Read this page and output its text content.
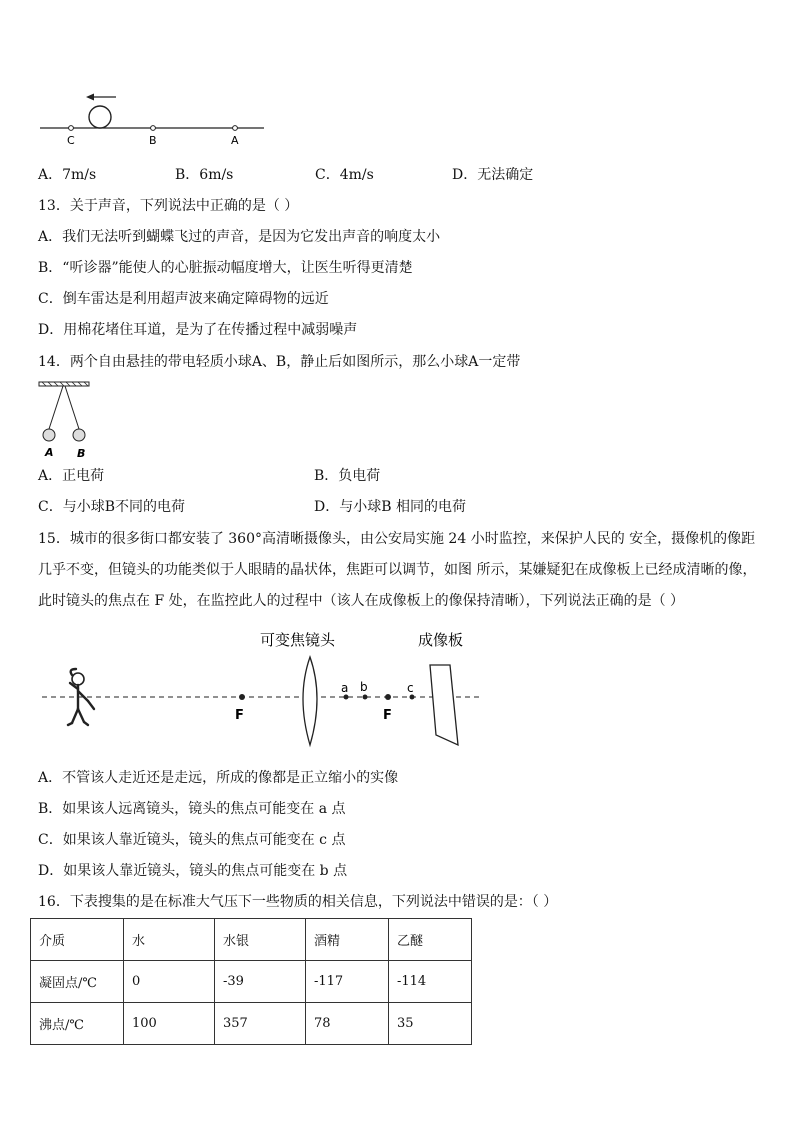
C	B	A
A．7m/s	B．6m/s	C．4m/s	D．无法确定
13．关于声音，下列说法中正确的是（ ）
A．我们无法听到蝴蝶飞过的声音，是因为它发出声音的响度太小
B．“听诊器”能使人的心脏振动幅度增大，让医生听得更清楚
C．倒车雷达是利用超声波来确定障碍物的远近
D．用棉花堵住耳道，是为了在传播过程中减弱噪声
14．两个自由悬挂的带电轻质小球A、B，静止后如图所示，那么小球A一定带
A B
A．正电荷	B．负电荷
C．与小球B不同的电荷	D．与小球B 相同的电荷
15．城市的很多街口都安装了 360°高清晰摄像头，由公安局实施 24 小时监控，来保护人民的 安全，摄像机的像距几乎不变，但镜头的功能类似于人眼睛的晶状体，焦距可以调节，如图 所示，某嫌疑犯在成像板上已经成清晰的像，此时镜头的焦点在 F 处，在监控此人的过程中（该人在成像板上的像保持清晰），下列说法正确的是（ ）
可变焦镜头	成像板
F	F
a b	c
A．不管该人走近还是走远，所成的像都是正立缩小的实像
B．如果该人远离镜头，镜头的焦点可能变在 a 点
C．如果该人靠近镜头，镜头的焦点可能变在 c 点
D．如果该人靠近镜头，镜头的焦点可能变在 b 点
16．下表搜集的是在标准大气压下一些物质的相关信息，下列说法中错误的是：（ ）
介质	水	水银	酒精	乙醚
凝固点/℃	0	-39	-117	-114
沸点/℃	100	357	78	35
